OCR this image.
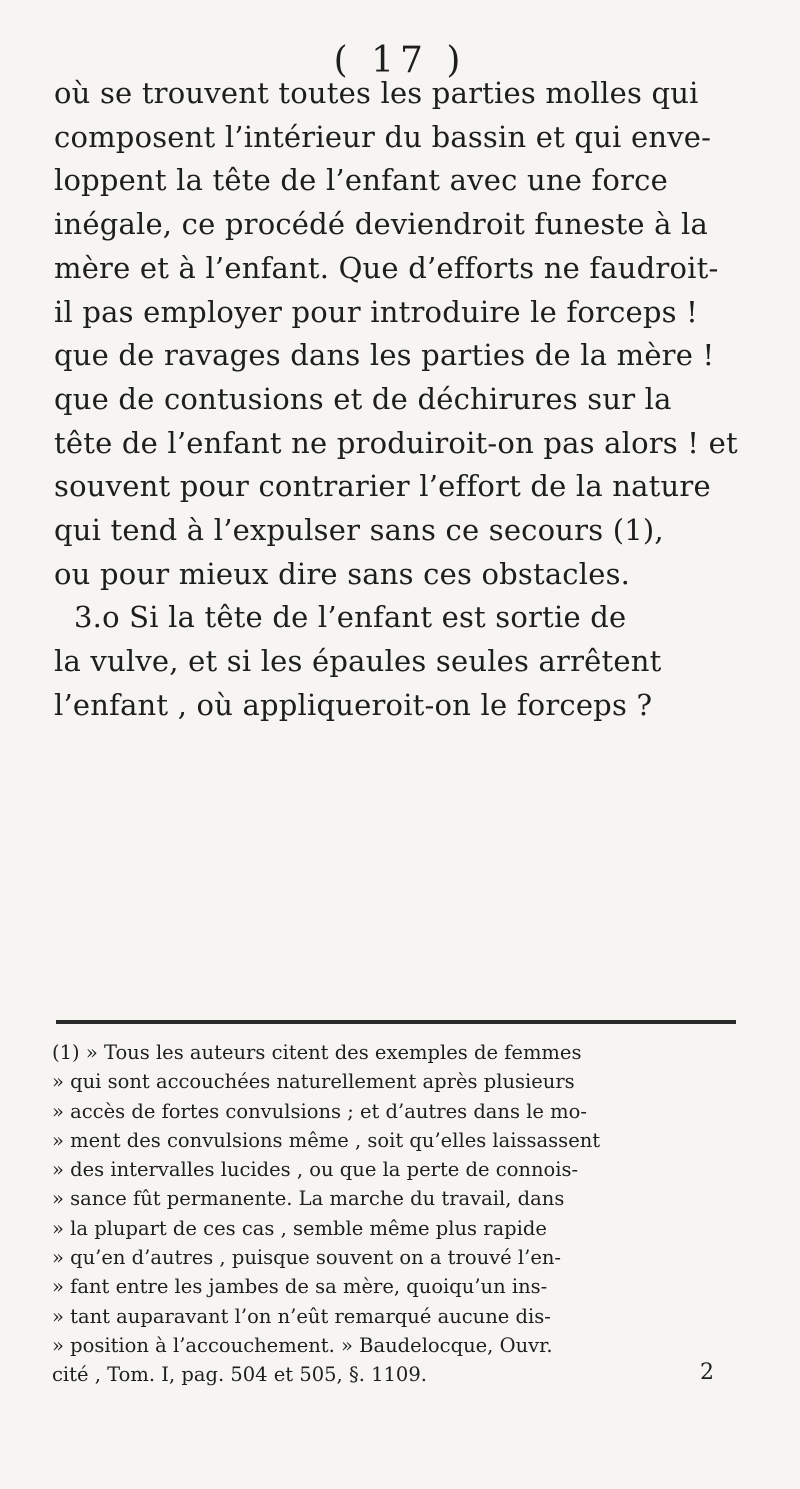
( 17 )
où se trouvent toutes les parties molles qui
composent l’intérieur du bassin et qui enve-
loppent la tête de l’enfant avec une force
inégale, ce procédé deviendroit funeste à la
mère et à l’enfant. Que d’efforts ne faudroit-
il pas employer pour introduire le forceps !
que de ravages dans les parties de la mère !
que de contusions et de déchirures sur la
tête de l’enfant ne produiroit-on pas alors ! et
souvent pour contrarier l’effort de la nature
qui tend à l’expulser sans ce secours (1),
ou pour mieux dire sans ces obstacles.
3.o Si la tête de l’enfant est sortie de
la vulve, et si les épaules seules arrêtent
l’enfant , où appliqueroit-on le forceps ?
(1) » Tous les auteurs citent des exemples de femmes
» qui sont accouchées naturellement après plusieurs
» accès de fortes convulsions ; et d’autres dans le mo-
» ment des convulsions même , soit qu’elles laissassent
» des intervalles lucides , ou que la perte de connois-
» sance fût permanente. La marche du travail, dans
» la plupart de ces cas , semble même plus rapide
» qu’en d’autres , puisque souvent on a trouvé l’en-
» fant entre les jambes de sa mère, quoiqu’un ins-
» tant auparavant l’on n’eût remarqué aucune dis-
» position à l’accouchement. » Baudelocque, Ouvr.
cité , Tom. I, pag. 504 et 505, §. 1109.	2
